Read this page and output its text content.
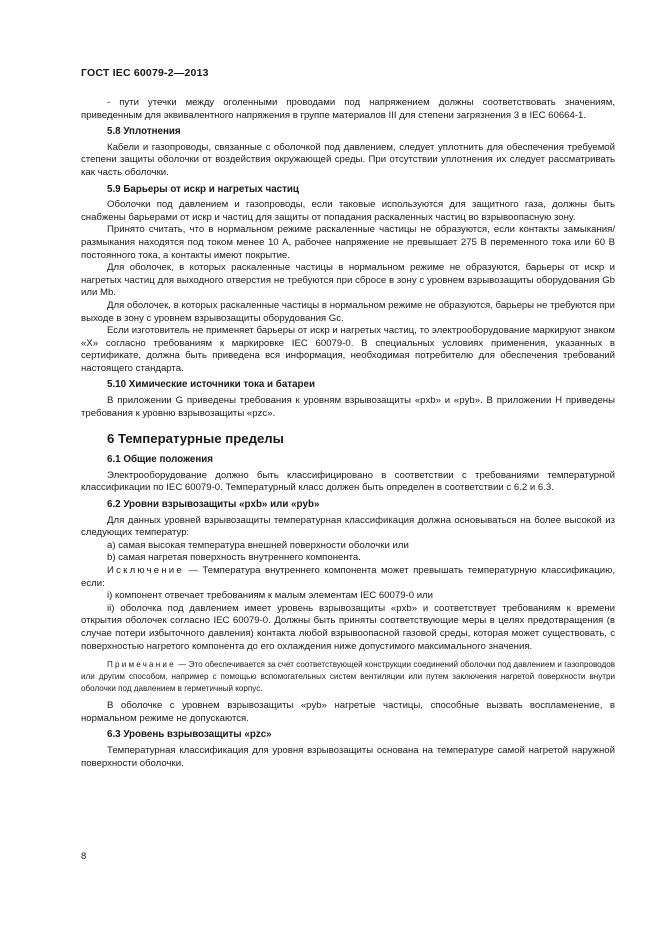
ГОСТ IEC 60079-2—2013

- пути утечки между оголенными проводами под напряжением должны соответствовать значениям, приведенным для эквивалентного напряжения в группе материалов III для степени загрязнения 3 в IEC 60664-1.

5.8 Уплотнения

Кабели и газопроводы, связанные с оболочкой под давлением, следует уплотнить для обеспечения требуемой степени защиты оболочки от воздействия окружающей среды. При отсутствии уплотнения их следует рассматривать как часть оболочки.

5.9 Барьеры от искр и нагретых частиц

Оболочки под давлением и газопроводы, если таковые используются для защитного газа, должны быть снабжены барьерами от искр и частиц для защиты от попадания раскаленных частиц во взрывоопасную зону.

Принято считать, что в нормальном режиме раскаленные частицы не образуются, если контакты замыкания/размыкания находятся под током менее 10 А, рабочее напряжение не превышает 275 В переменного тока или 60 В постоянного тока, а контакты имеют покрытие.

Для оболочек, в которых раскаленные частицы в нормальном режиме не образуются, барьеры от искр и нагретых частиц для выходного отверстия не требуются при сбросе в зону с уровнем взрывозащиты оборудования Gb или Mb.

Для оболочек, в которых раскаленные частицы в нормальном режиме не образуются, барьеры не требуются при выходе в зону с уровнем взрывозащиты оборудования Gc.

Если изготовитель не применяет барьеры от искр и нагретых частиц, то электрооборудование маркируют знаком «Х» согласно требованиям к маркировке IEC 60079-0. В специальных условиях применения, указанных в сертификате, должна быть приведена вся информация, необходимая потребителю для обеспечения требований настоящего стандарта.

5.10 Химические источники тока и батареи

В приложении G приведены требования к уровням взрывозащиты «pxb» и «pyb». В приложении H приведены требования к уровню взрывозащиты «pzc».

6 Температурные пределы
6.1 Общие положения

Электрооборудование должно быть классифицировано в соответствии с требованиями температурной классификации по IEC 60079-0. Температурный класс должен быть определен в соответствии с 6.2 и 6.3.

6.2 Уровни взрывозащиты «pxb» или «pyb»

Для данных уровней взрывозащиты температурная классификация должна основываться на более высокой из следующих температур:

a) самая высокая температура внешней поверхности оболочки или

b) самая нагретая поверхность внутреннего компонента.

Исключение — Температура внутреннего компонента может превышать температурную классификацию, если:

i) компонент отвечает требованиям к малым элементам IEC 60079-0 или

ii) оболочка под давлением имеет уровень взрывозащиты «pxb» и соответствует требованиям к времени открытия оболочек согласно IEC 60079-0. Должны быть приняты соответствующие меры в целях предотвращения (в случае потери избыточного давления) контакта любой взрывоопасной газовой среды, которая может существовать, с поверхностью нагретого компонента до его охлаждения ниже допустимого максимального значения.

Примечание — Это обеспечивается за счет соответствующей конструкции соединений оболочки под давлением и газопроводов или другим способом, например с помощью вспомогательных систем вентиляции или путем заключения нагретой поверхности внутри оболочки под давлением в герметичный корпус.

В оболочке с уровнем взрывозащиты «pyb» нагретые частицы, способные вызвать воспламенение, в нормальном режиме не допускаются.

6.3 Уровень взрывозащиты «pzc»

Температурная классификация для уровня взрывозащиты основана на температуре самой нагретой наружной поверхности оболочки.

8
